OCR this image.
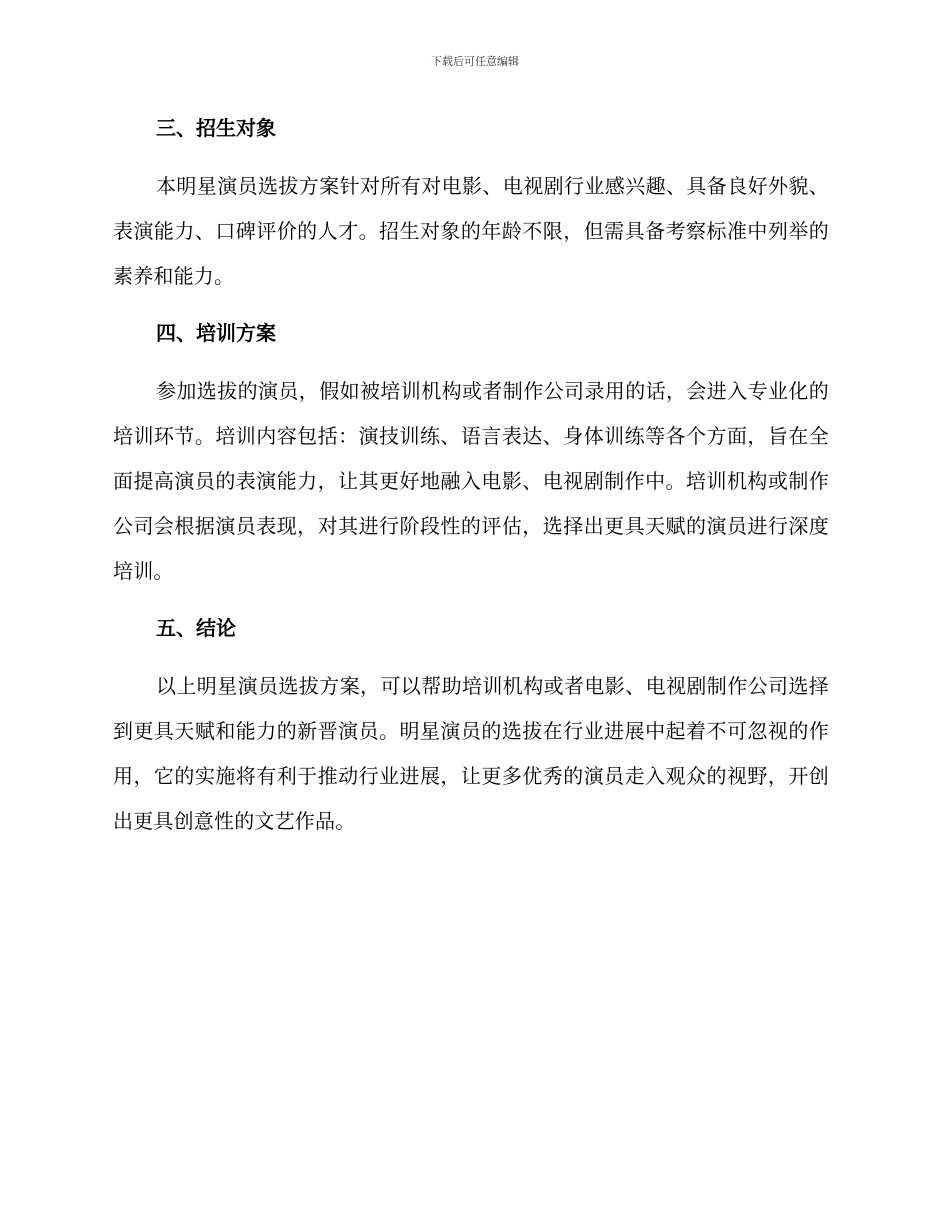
下载后可任意编辑
三、招生对象

本明星演员选拔方案针对所有对电影、电视剧行业感兴趣、具备良好外貌、表演能力、口碑评价的人才。招生对象的年龄不限，但需具备考察标准中列举的素养和能力。

四、培训方案

参加选拔的演员，假如被培训机构或者制作公司录用的话，会进入专业化的培训环节。培训内容包括：演技训练、语言表达、身体训练等各个方面，旨在全面提高演员的表演能力，让其更好地融入电影、电视剧制作中。培训机构或制作公司会根据演员表现，对其进行阶段性的评估，选择出更具天赋的演员进行深度培训。

五、结论

以上明星演员选拔方案，可以帮助培训机构或者电影、电视剧制作公司选择到更具天赋和能力的新晋演员。明星演员的选拔在行业进展中起着不可忽视的作用，它的实施将有利于推动行业进展，让更多优秀的演员走入观众的视野，开创出更具创意性的文艺作品。
